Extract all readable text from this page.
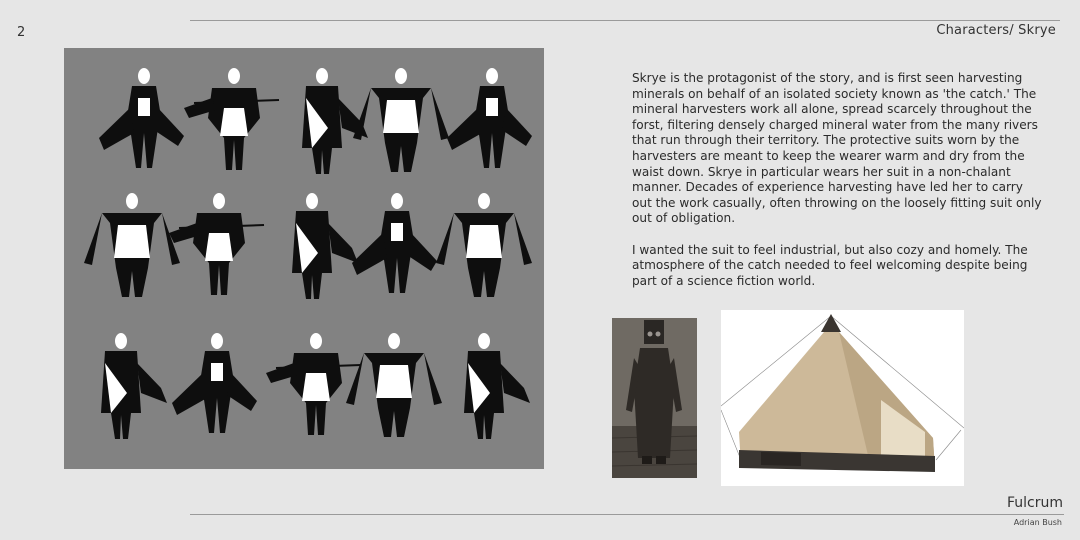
2	Characters/ Skrye

Skrye is the protagonist of the story, and is first seen harvesting minerals on behalf of an isolated society known as 'the catch.' The mineral harvesters work all alone, spread scarcely throughout the forst, filtering densely charged mineral water from the many rivers that run through their territory. The protective suits worn by the harvesters are meant to keep the wearer warm and dry from the waist down. Skrye in particular wears her suit in a non-chalant manner. Decades of experience harvesting have led her to carry out the work casually, often throwing on the loosely fitting suit only out of obligation.

I wanted the suit to feel industrial, but also cozy and homely. The atmosphere of the catch needed to feel welcoming despite being part of a science fiction world.

Fulcrum
Adrian Bush
